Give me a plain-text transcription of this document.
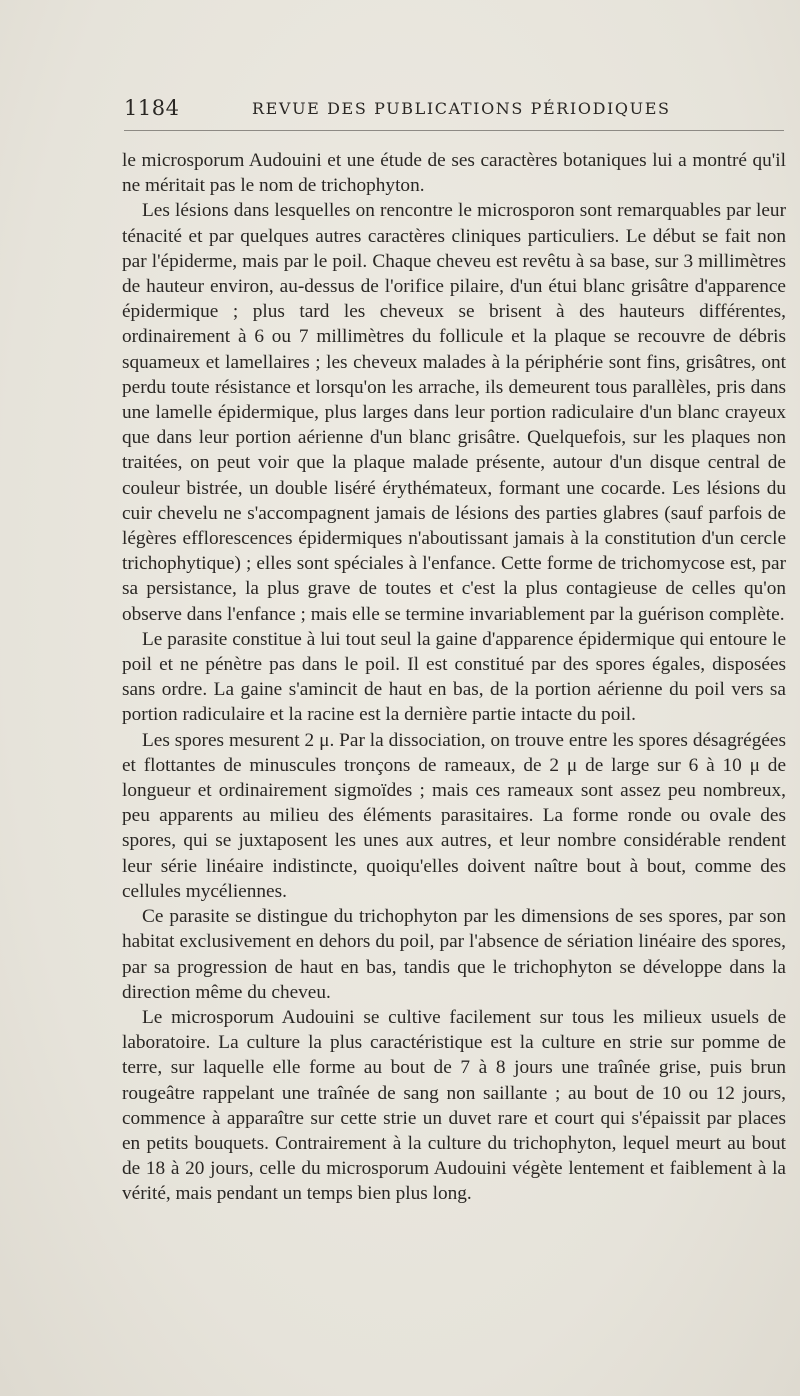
1184	REVUE DES PUBLICATIONS PÉRIODIQUES

le microsporum Audouini et une étude de ses caractères botaniques lui a montré qu'il ne méritait pas le nom de trichophyton.

Les lésions dans lesquelles on rencontre le microsporon sont remarquables par leur ténacité et par quelques autres caractères cliniques particuliers. Le début se fait non par l'épiderme, mais par le poil. Chaque cheveu est revêtu à sa base, sur 3 millimètres de hauteur environ, au-dessus de l'orifice pilaire, d'un étui blanc grisâtre d'apparence épidermique ; plus tard les cheveux se brisent à des hauteurs différentes, ordinairement à 6 ou 7 millimètres du follicule et la plaque se recouvre de débris squameux et lamellaires ; les cheveux malades à la périphérie sont fins, grisâtres, ont perdu toute résistance et lorsqu'on les arrache, ils demeurent tous parallèles, pris dans une lamelle épidermique, plus larges dans leur portion radiculaire d'un blanc crayeux que dans leur portion aérienne d'un blanc grisâtre. Quelquefois, sur les plaques non traitées, on peut voir que la plaque malade présente, autour d'un disque central de couleur bistrée, un double liséré érythémateux, formant une cocarde. Les lésions du cuir chevelu ne s'accompagnent jamais de lésions des parties glabres (sauf parfois de légères efflorescences épidermiques n'aboutissant jamais à la constitution d'un cercle trichophytique) ; elles sont spéciales à l'enfance. Cette forme de trichomycose est, par sa persistance, la plus grave de toutes et c'est la plus contagieuse de celles qu'on observe dans l'enfance ; mais elle se termine invariablement par la guérison complète.

Le parasite constitue à lui tout seul la gaine d'apparence épidermique qui entoure le poil et ne pénètre pas dans le poil. Il est constitué par des spores égales, disposées sans ordre. La gaine s'amincit de haut en bas, de la portion aérienne du poil vers sa portion radiculaire et la racine est la dernière partie intacte du poil.

Les spores mesurent 2 μ. Par la dissociation, on trouve entre les spores désagrégées et flottantes de minuscules tronçons de rameaux, de 2 μ de large sur 6 à 10 μ de longueur et ordinairement sigmoïdes ; mais ces rameaux sont assez peu nombreux, peu apparents au milieu des éléments parasitaires. La forme ronde ou ovale des spores, qui se juxtaposent les unes aux autres, et leur nombre considérable rendent leur série linéaire indistincte, quoiqu'elles doivent naître bout à bout, comme des cellules mycéliennes.

Ce parasite se distingue du trichophyton par les dimensions de ses spores, par son habitat exclusivement en dehors du poil, par l'absence de sériation linéaire des spores, par sa progression de haut en bas, tandis que le trichophyton se développe dans la direction même du cheveu.

Le microsporum Audouini se cultive facilement sur tous les milieux usuels de laboratoire. La culture la plus caractéristique est la culture en strie sur pomme de terre, sur laquelle elle forme au bout de 7 à 8 jours une traînée grise, puis brun rougeâtre rappelant une traînée de sang non saillante ; au bout de 10 ou 12 jours, commence à apparaître sur cette strie un duvet rare et court qui s'épaissit par places en petits bouquets. Contrairement à la culture du trichophyton, lequel meurt au bout de 18 à 20 jours, celle du microsporum Audouini végète lentement et faiblement à la vérité, mais pendant un temps bien plus long.
